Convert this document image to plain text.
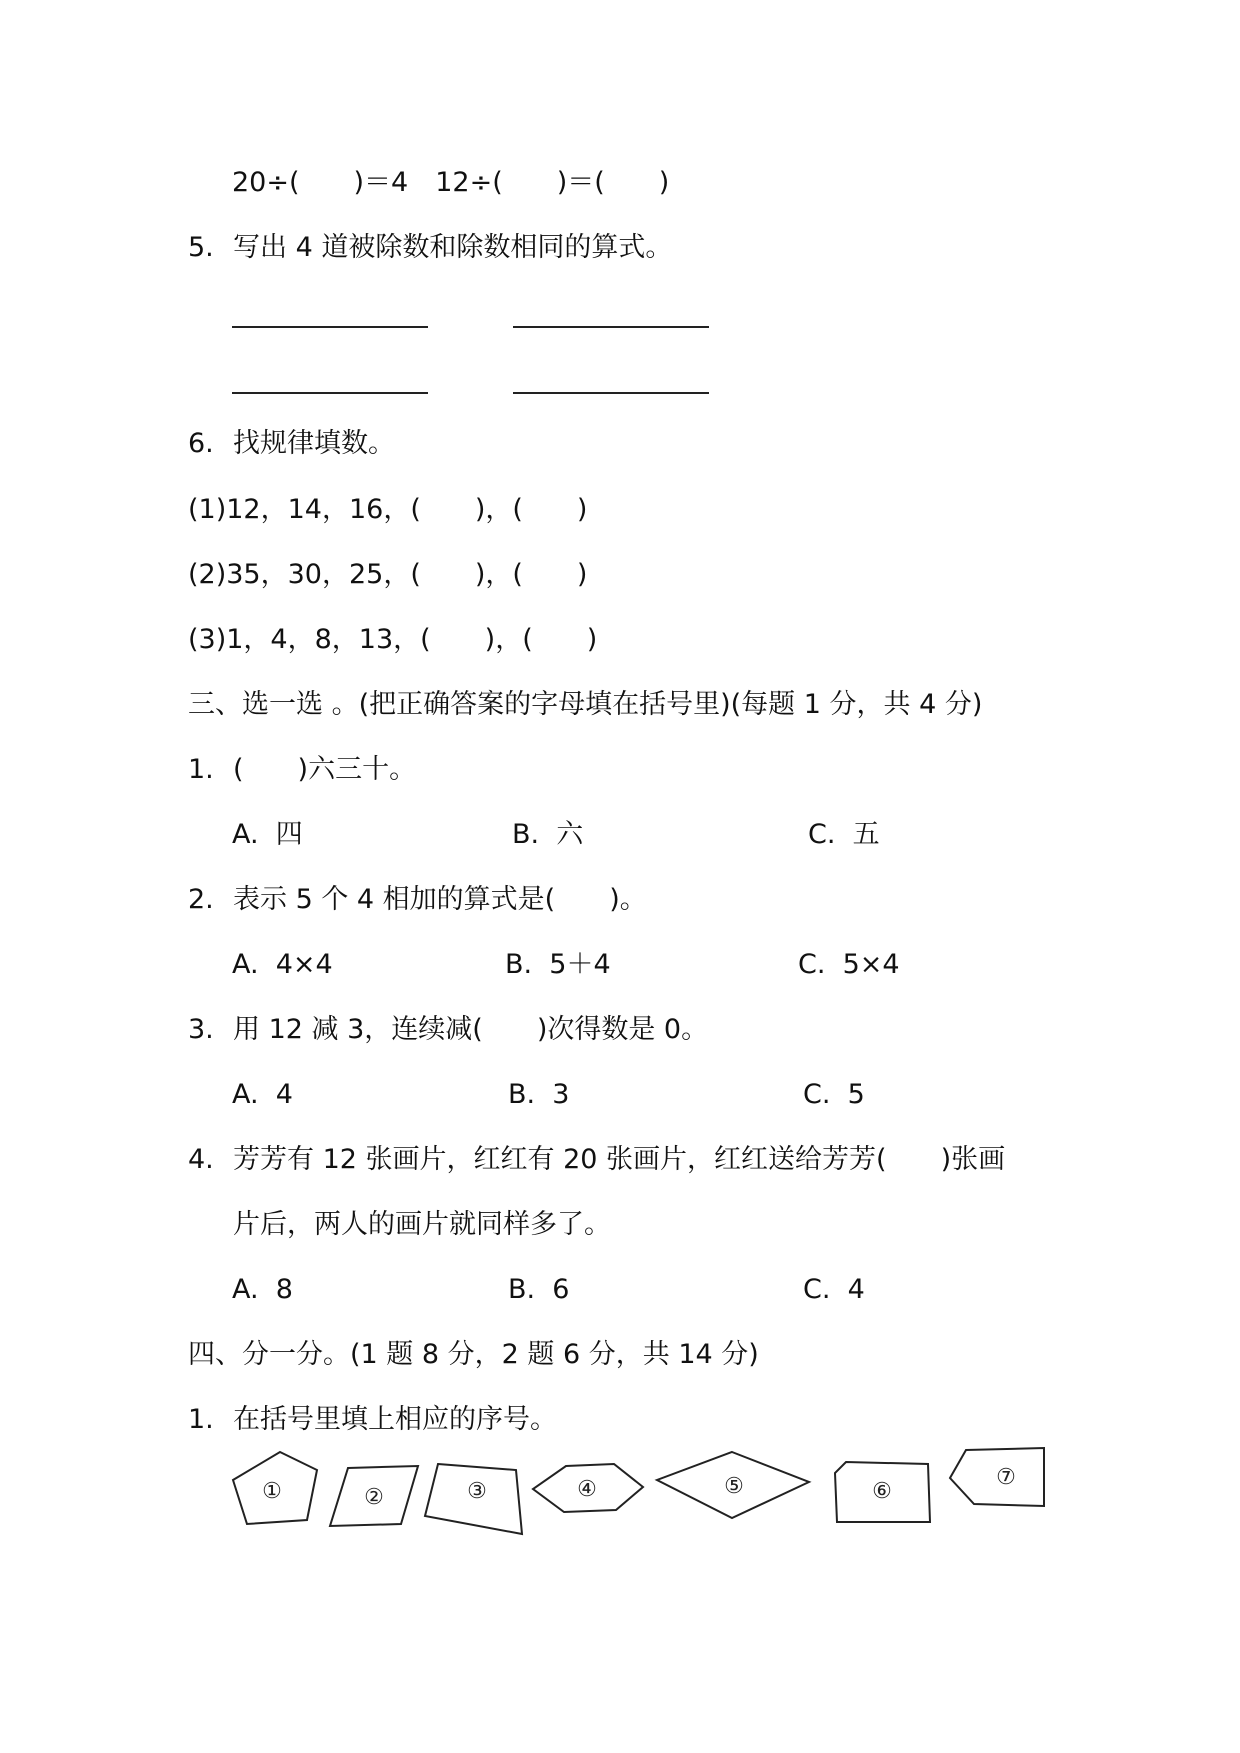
20÷(　　)＝4　12÷(　　)＝(　　)
5. 写出 4 道被除数和除数相同的算式。
6. 找规律填数。
(1)12，14，16，(　　)，(　　)
(2)35，30，25，(　　)，(　　)
(3)1，4，8，13，(　　)，(　　)
三、选一选 。(把正确答案的字母填在括号里)(每题 1 分，共 4 分)
1. (　　)六三十。
A.  四	B.  六	C.  五
2. 表示 5 个 4 相加的算式是(　　)。
A.  4×4	B.  5＋4	C.  5×4
3. 用 12 减 3，连续减(　　)次得数是 0。
A.  4	B.  3	C.  5
4. 芳芳有 12 张画片，红红有 20 张画片，红红送给芳芳(　　)张画
片后，两人的画片就同样多了。
A.  8	B.  6	C.  4
四、分一分。(1 题 8 分，2 题 6 分，共 14 分)
1. 在括号里填上相应的序号。
①	②	③	④	⑤	⑥
⑦
